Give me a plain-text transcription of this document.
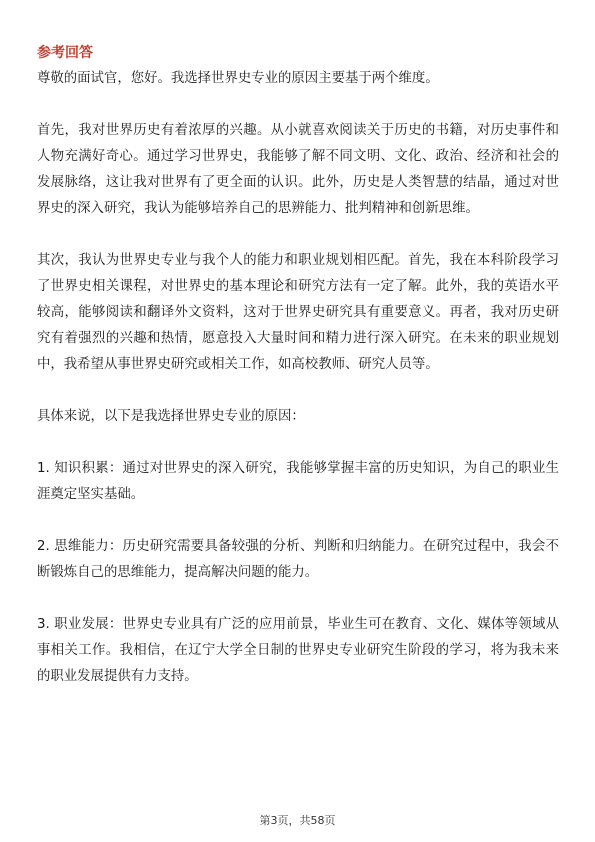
参考回答

尊敬的面试官，您好。我选择世界史专业的原因主要基于两个维度。

首先，我对世界历史有着浓厚的兴趣。从小就喜欢阅读关于历史的书籍，对历史事件和人物充满好奇心。通过学习世界史，我能够了解不同文明、文化、政治、经济和社会的发展脉络，这让我对世界有了更全面的认识。此外，历史是人类智慧的结晶，通过对世界史的深入研究，我认为能够培养自己的思辨能力、批判精神和创新思维。

其次，我认为世界史专业与我个人的能力和职业规划相匹配。首先，我在本科阶段学习了世界史相关课程，对世界史的基本理论和研究方法有一定了解。此外，我的英语水平较高，能够阅读和翻译外文资料，这对于世界史研究具有重要意义。再者，我对历史研究有着强烈的兴趣和热情，愿意投入大量时间和精力进行深入研究。在未来的职业规划中，我希望从事世界史研究或相关工作，如高校教师、研究人员等。

具体来说，以下是我选择世界史专业的原因：

1. 知识积累：通过对世界史的深入研究，我能够掌握丰富的历史知识，为自己的职业生涯奠定坚实基础。

2. 思维能力：历史研究需要具备较强的分析、判断和归纳能力。在研究过程中，我会不断锻炼自己的思维能力，提高解决问题的能力。

3. 职业发展：世界史专业具有广泛的应用前景，毕业生可在教育、文化、媒体等领域从事相关工作。我相信，在辽宁大学全日制的世界史专业研究生阶段的学习，将为我未来的职业发展提供有力支持。

第3页，共58页
